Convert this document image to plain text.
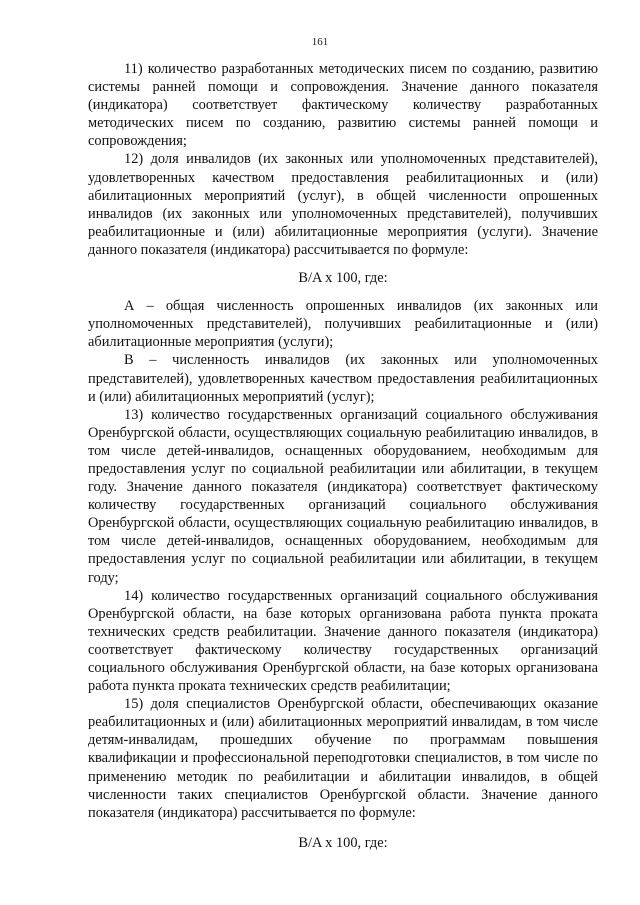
161

11) количество разработанных методических писем по созданию, развитию системы ранней помощи и сопровождения. Значение данного показателя (индикатора) соответствует фактическому количеству разработанных методических писем по созданию, развитию системы ранней помощи и сопровождения;

12) доля инвалидов (их законных или уполномоченных представителей), удовлетворенных качеством предоставления реабилитационных и (или) абилитационных мероприятий (услуг), в общей численности опрошенных инвалидов (их законных или уполномоченных представителей), получивших реабилитационные и (или) абилитационные мероприятия (услуги). Значение данного показателя (индикатора) рассчитывается по формуле:

B/A x 100, где:

А – общая численность опрошенных инвалидов (их законных или уполномоченных представителей), получивших реабилитационные и (или) абилитационные мероприятия (услуги);

В – численность инвалидов (их законных или уполномоченных представителей), удовлетворенных качеством предоставления реабилитационных и (или) абилитационных мероприятий (услуг);

13) количество государственных организаций социального обслуживания Оренбургской области, осуществляющих социальную реабилитацию инвалидов, в том числе детей-инвалидов, оснащенных оборудованием, необходимым для предоставления услуг по социальной реабилитации или абилитации, в текущем году. Значение данного показателя (индикатора) соответствует фактическому количеству государственных организаций социального обслуживания Оренбургской области, осуществляющих социальную реабилитацию инвалидов, в том числе детей-инвалидов, оснащенных оборудованием, необходимым для предоставления услуг по социальной реабилитации или абилитации, в текущем году;

14) количество государственных организаций социального обслуживания Оренбургской области, на базе которых организована работа пункта проката технических средств реабилитации. Значение данного показателя (индикатора) соответствует фактическому количеству государственных организаций социального обслуживания Оренбургской области, на базе которых организована работа пункта проката технических средств реабилитации;

15) доля специалистов Оренбургской области, обеспечивающих оказание реабилитационных и (или) абилитационных мероприятий инвалидам, в том числе детям-инвалидам, прошедших обучение по программам повышения квалификации и профессиональной переподготовки специалистов, в том числе по применению методик по реабилитации и абилитации инвалидов, в общей численности таких специалистов Оренбургской области. Значение данного показателя (индикатора) рассчитывается по формуле:

B/A x 100, где:
